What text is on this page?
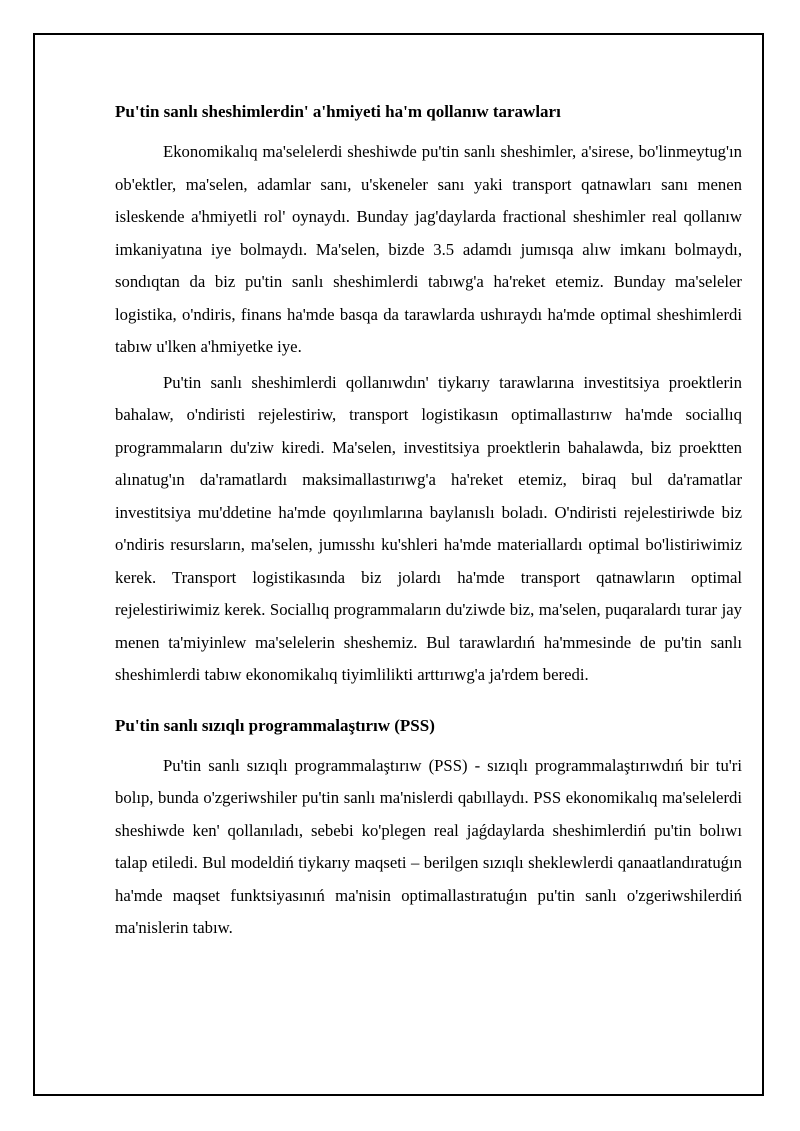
Pu'tin sanlı sheshimlerdin' a'hmiyeti ha'm qollanıw tarawları

Ekonomikalıq ma'selelerdi sheshiwde pu'tin sanlı sheshimler, a'sirese, bo'linmeytug'ın ob'ektler, ma'selen, adamlar sanı, u'skeneler sanı yaki transport qatnawları sanı menen isleskende a'hmiyetli rol' oynaydı. Bunday jag'daylarda fractional sheshimler real qollanıw imkaniyatına iye bolmaydı. Ma'selen, bizde 3.5 adamdı jumısqa alıw imkanı bolmaydı, sondıqtan da biz pu'tin sanlı sheshimlerdi tabıwg'a ha'reket etemiz. Bunday ma'seleler logistika, o'ndiris, finans ha'mde basqa da tarawlarda ushıraydı ha'mde optimal sheshimlerdi tabıw u'lken a'hmiyetke iye.

Pu'tin sanlı sheshimlerdi qollanıwdın' tiykarıy tarawlarına investitsiya proektlerin bahalaw, o'ndiristi rejelestiriw, transport logistikasın optimallastırıw ha'mde sociallıq programmaların du'ziw kiredi. Ma'selen, investitsiya proektlerin bahalawda, biz proektten alınatug'ın da'ramatlardı maksimallastırıwg'a ha'reket etemiz, biraq bul da'ramatlar investitsiya mu'ddetine ha'mde qoyılımlarına baylanıslı boladı. O'ndiristi rejelestiriwde biz o'ndiris resursların, ma'selen, jumısshı ku'shleri ha'mde materiallardı optimal bo'listiriwimiz kerek. Transport logistikasında biz jolardı ha'mde transport qatnawların optimal rejelestiriwimiz kerek. Sociallıq programmaların du'ziwde biz, ma'selen, puqaralardı turar jay menen ta'miyinlew ma'selelerin sheshemiz. Bul tarawlardıń ha'mmesinde de pu'tin sanlı sheshimlerdi tabıw ekonomikalıq tiyimlilikti arttırıwg'a ja'rdem beredi.

Pu'tin sanlı sızıqlı programmalaştırıw (PSS)

Pu'tin sanlı sızıqlı programmalaştırıw (PSS) - sızıqlı programmalaştırıwdıń bir tu'ri bolıp, bunda o'zgeriwshiler pu'tin sanlı ma'nislerdi qabıllaydı. PSS ekonomikalıq ma'selelerdi sheshiwde ken' qollanıladı, sebebi ko'plegen real jaǵdaylarda sheshimlerdiń pu'tin bolıwı talap etiledi. Bul modeldiń tiykarıy maqseti – berilgen sızıqlı sheklewlerdi qanaatlandıratuǵın ha'mde maqset funktsiyasınıń ma'nisin optimallastıratuǵın pu'tin sanlı o'zgeriwshilerdiń ma'nislerin tabıw.
